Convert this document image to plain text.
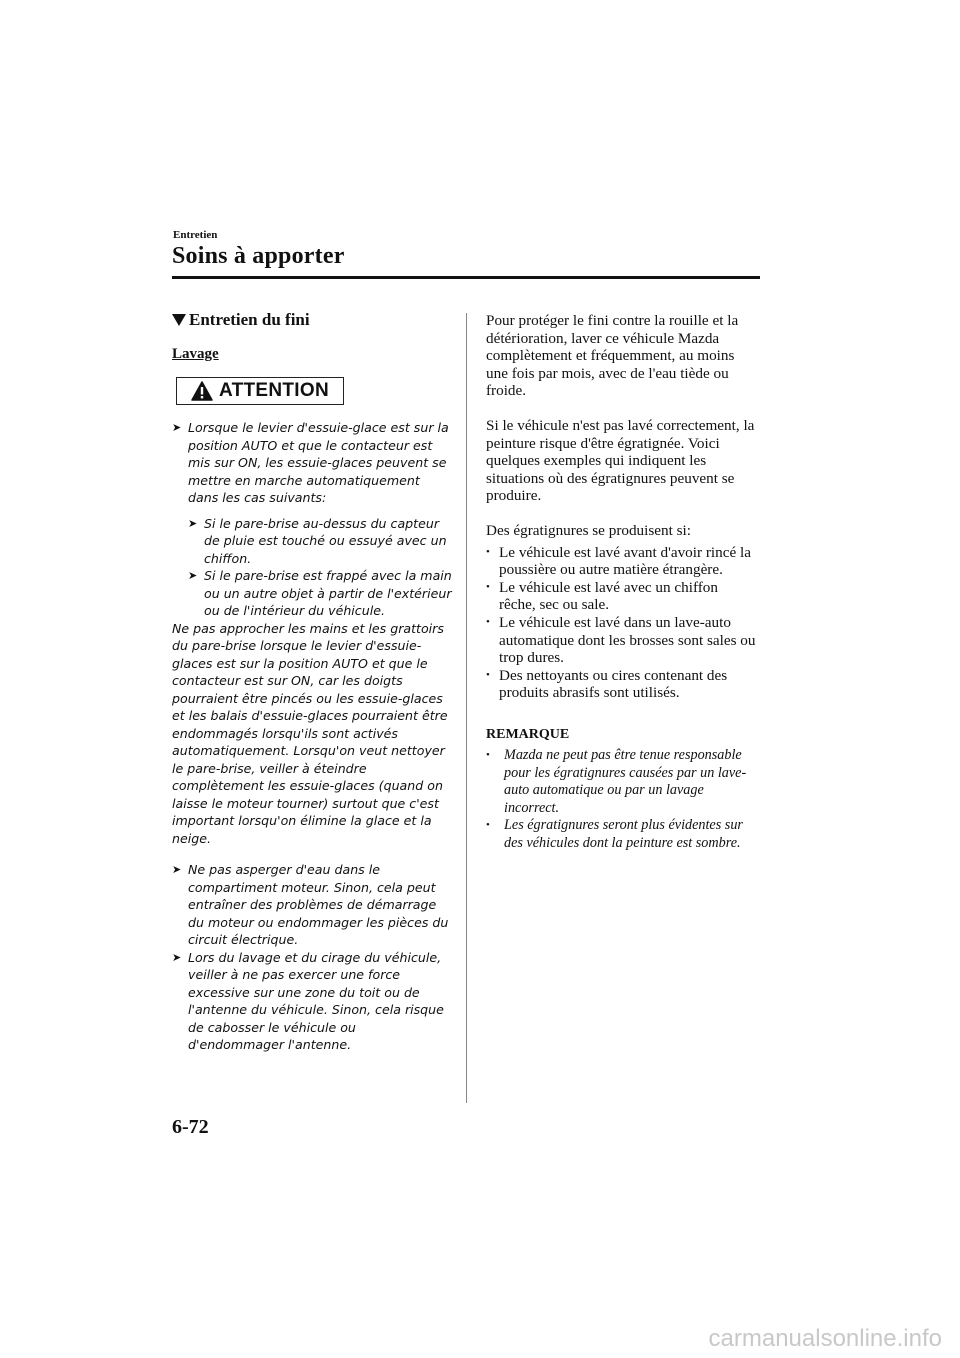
Entretien
Soins à apporter
Entretien du fini
Lavage
ATTENTION
➤ Lorsque le levier d'essuie-glace est sur la position AUTO et que le contacteur est mis sur ON, les essuie-glaces peuvent se mettre en marche automatiquement dans les cas suivants:

➤ Si le pare-brise au-dessus du capteur de pluie est touché ou essuyé avec un chiffon.

➤ Si le pare-brise est frappé avec la main ou un autre objet à partir de l'extérieur ou de l'intérieur du véhicule.

Ne pas approcher les mains et les grattoirs du pare-brise lorsque le levier d'essuie-glaces est sur la position AUTO et que le contacteur est sur ON, car les doigts pourraient être pincés ou les essuie-glaces et les balais d'essuie-glaces pourraient être endommagés lorsqu'ils sont activés automatiquement. Lorsqu'on veut nettoyer le pare-brise, veiller à éteindre complètement les essuie-glaces (quand on laisse le moteur tourner) surtout que c'est important lorsqu'on élimine la glace et la neige.

➤ Ne pas asperger d'eau dans le compartiment moteur. Sinon, cela peut entraîner des problèmes de démarrage du moteur ou endommager les pièces du circuit électrique.

➤ Lors du lavage et du cirage du véhicule, veiller à ne pas exercer une force excessive sur une zone du toit ou de l'antenne du véhicule. Sinon, cela risque de cabosser le véhicule ou d'endommager l'antenne.

Pour protéger le fini contre la rouille et la détérioration, laver ce véhicule Mazda complètement et fréquemment, au moins une fois par mois, avec de l'eau tiède ou froide.

Si le véhicule n'est pas lavé correctement, la peinture risque d'être égratignée. Voici quelques exemples qui indiquent les situations où des égratignures peuvent se produire.

Des égratignures se produisent si:

• Le véhicule est lavé avant d'avoir rincé la poussière ou autre matière étrangère.
• Le véhicule est lavé avec un chiffon rêche, sec ou sale.
• Le véhicule est lavé dans un lave-auto automatique dont les brosses sont sales ou trop dures.
• Des nettoyants ou cires contenant des produits abrasifs sont utilisés.
REMARQUE
• Mazda ne peut pas être tenue responsable pour les égratignures causées par un lave-auto automatique ou par un lavage incorrect.
• Les égratignures seront plus évidentes sur des véhicules dont la peinture est sombre.
6-72
carmanualsonline.info
